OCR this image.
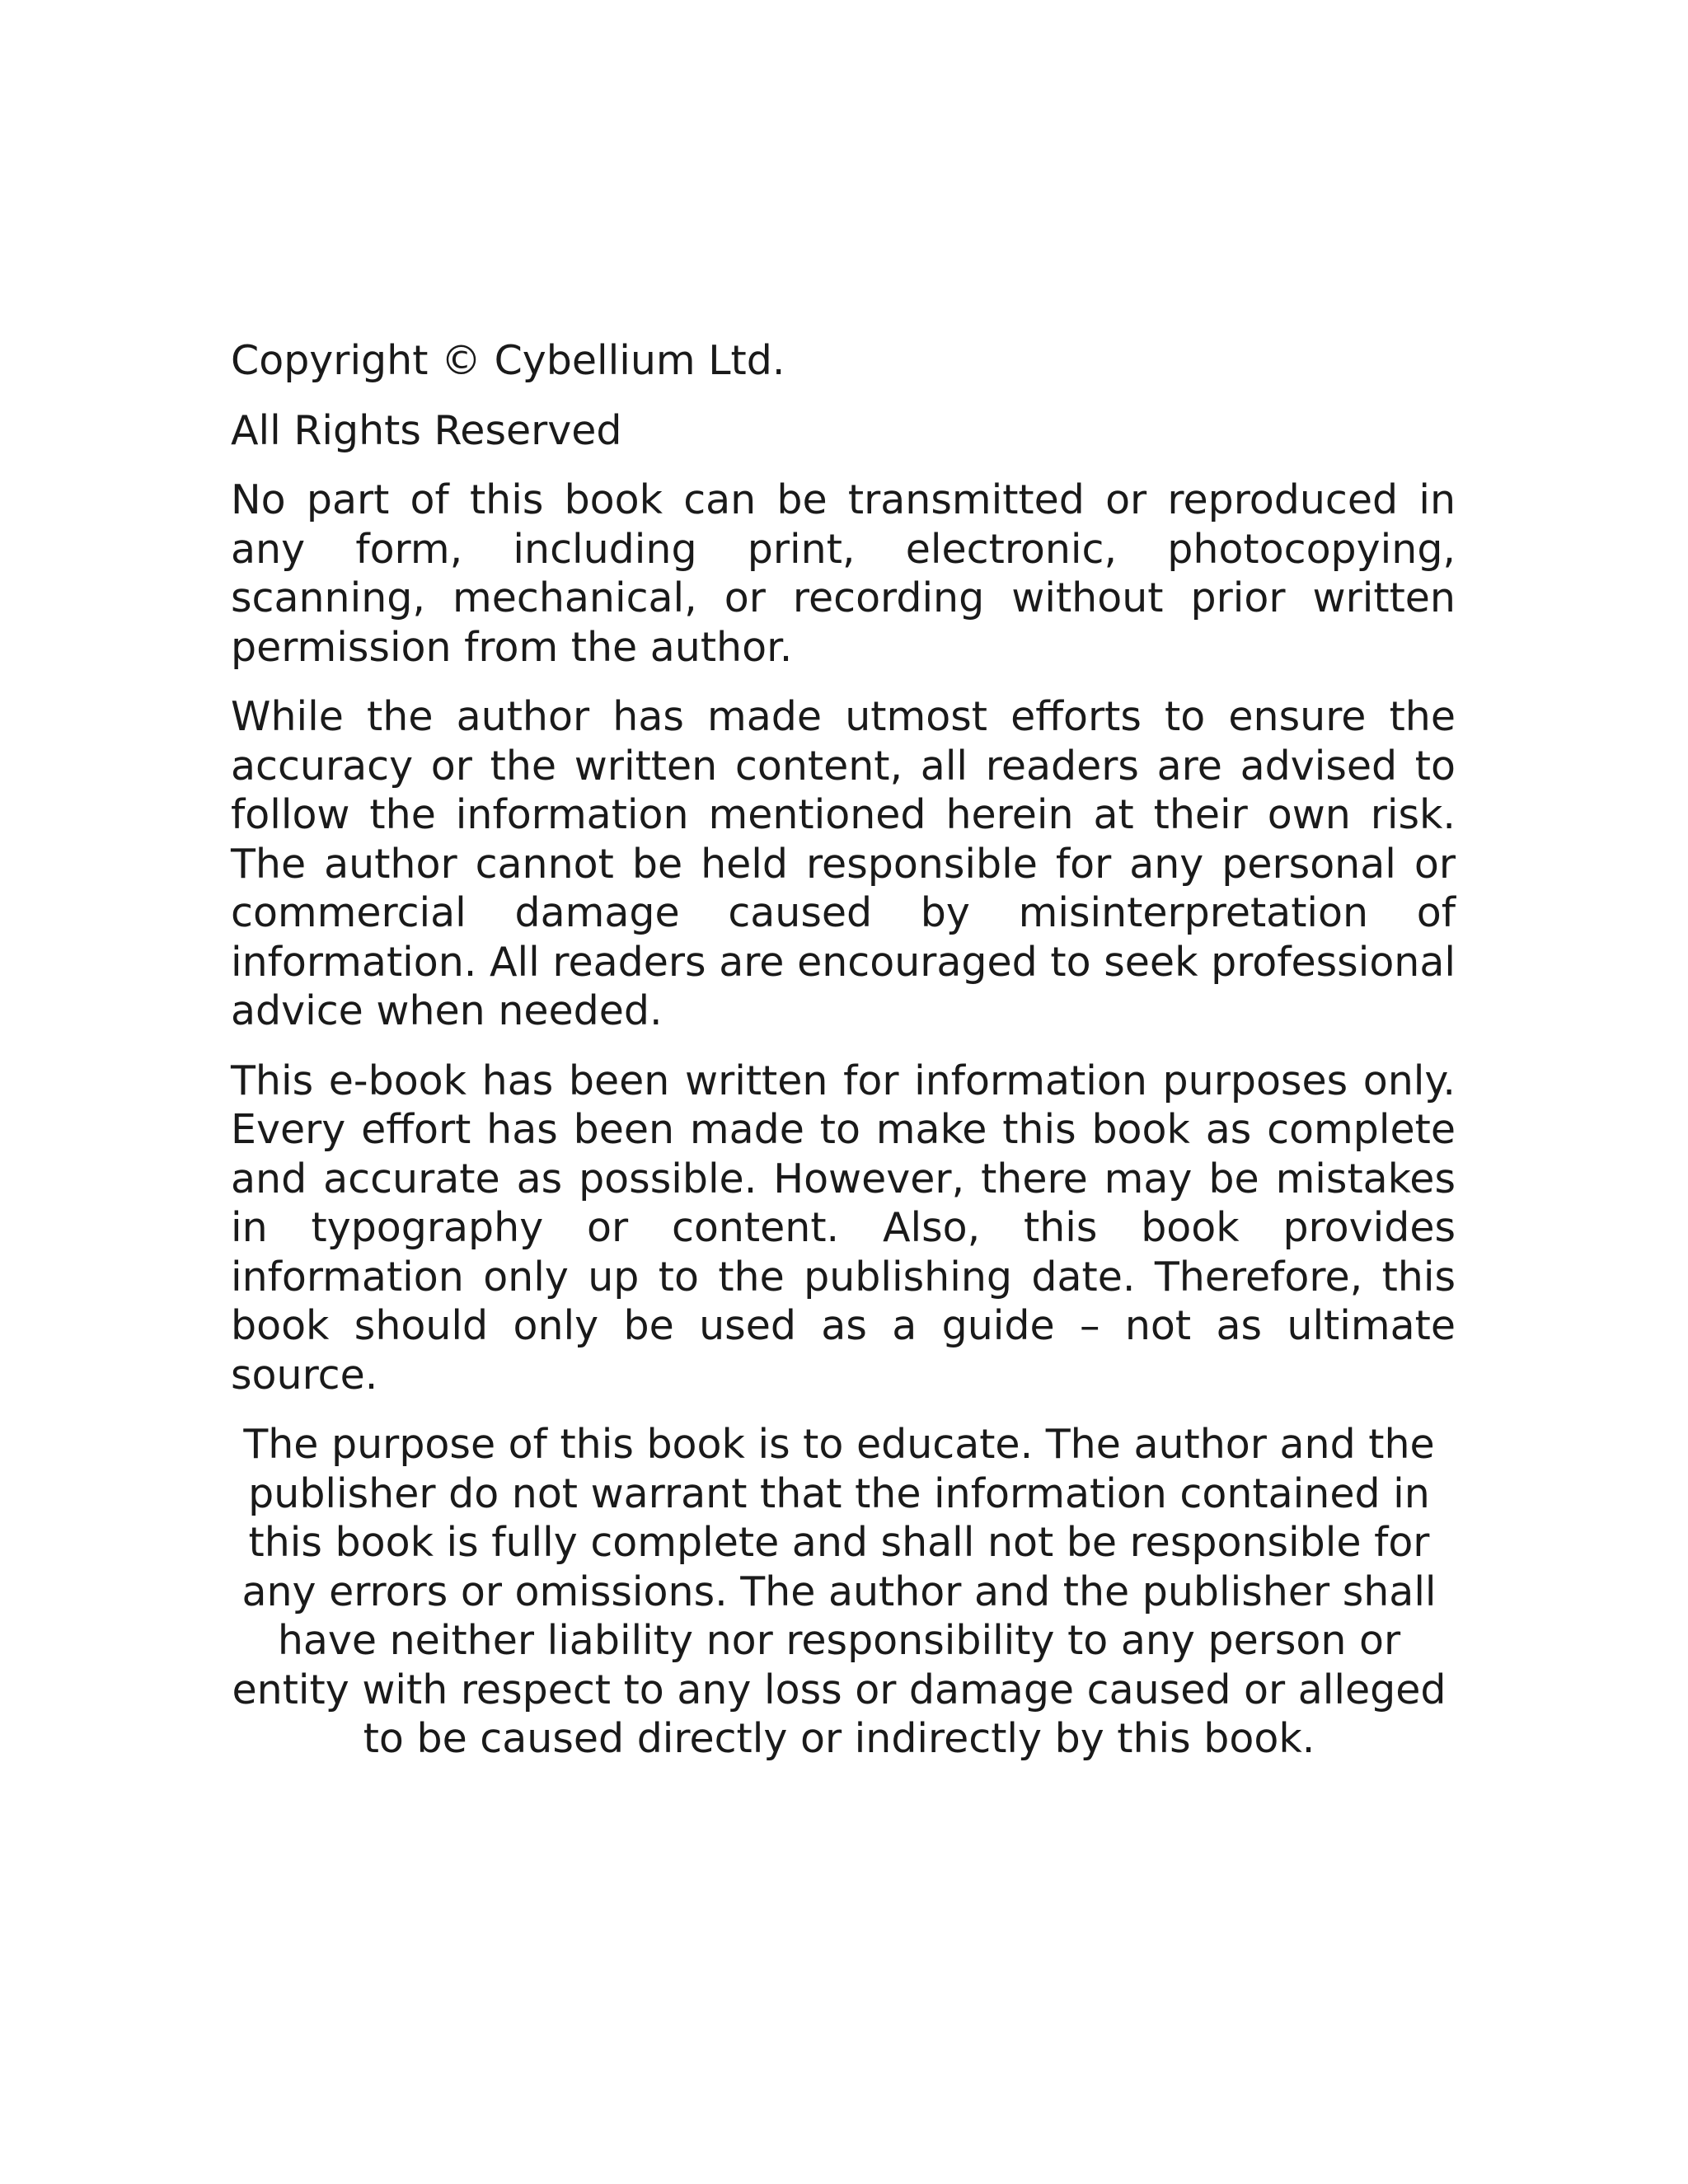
Copyright © Cybellium Ltd.

All Rights Reserved

No part of this book can be transmitted or reproduced in any form, including print, electronic, photocopying, scanning, mechanical, or recording without prior written permission from the author.

While the author has made utmost efforts to ensure the accuracy or the written content, all readers are advised to follow the information mentioned herein at their own risk. The author cannot be held responsible for any personal or commercial damage caused by misinterpretation of information. All readers are encouraged to seek professional advice when needed.

This e-book has been written for information purposes only. Every effort has been made to make this book as complete and accurate as possible. However, there may be mistakes in typography or content. Also, this book provides information only up to the publishing date. Therefore, this book should only be used as a guide – not as ultimate source.

The purpose of this book is to educate. The author and the publisher do not warrant that the information contained in this book is fully complete and shall not be responsible for any errors or omissions. The author and the publisher shall have neither liability nor responsibility to any person or entity with respect to any loss or damage caused or alleged to be caused directly or indirectly by this book.
